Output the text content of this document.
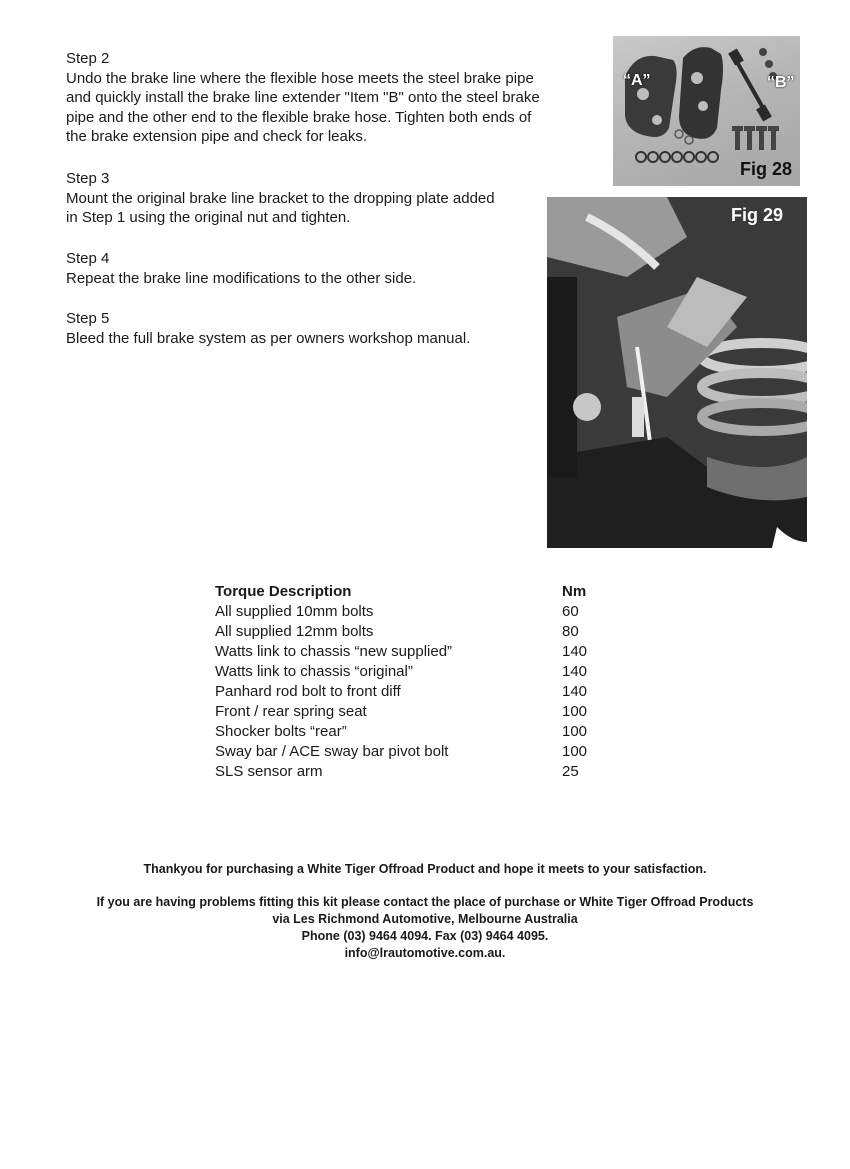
Step 2

Undo the brake line where the flexible hose meets the steel brake pipe

and quickly install the brake line extender "Item "B" onto the steel brake

pipe and the other end to the flexible brake hose. Tighten both ends of

the brake extension pipe and check for leaks.

Step 3

Mount the original brake line bracket to the dropping plate added

in Step 1 using the original nut and tighten.

Step 4

Repeat the brake line modifications to the other side.

Step 5

Bleed the full brake system as per owners workshop manual.

“A”	“B”
Fig 28
Fig 29
Torque Description	Nm
All supplied 10mm bolts	60
All supplied 12mm bolts	80
Watts link to chassis “new supplied”	140
Watts link to chassis “original”	140
Panhard rod bolt to front diff	140
Front / rear spring seat	100
Shocker bolts “rear”	100
Sway bar / ACE sway bar pivot bolt	100
SLS sensor arm	25
Thankyou for purchasing a White Tiger Offroad Product and hope it meets to your satisfaction.
If you are having problems fitting this kit please contact the place of purchase or White Tiger Offroad Products
via Les Richmond Automotive, Melbourne Australia
Phone (03) 9464 4094. Fax (03) 9464 4095.
info@lrautomotive.com.au.
